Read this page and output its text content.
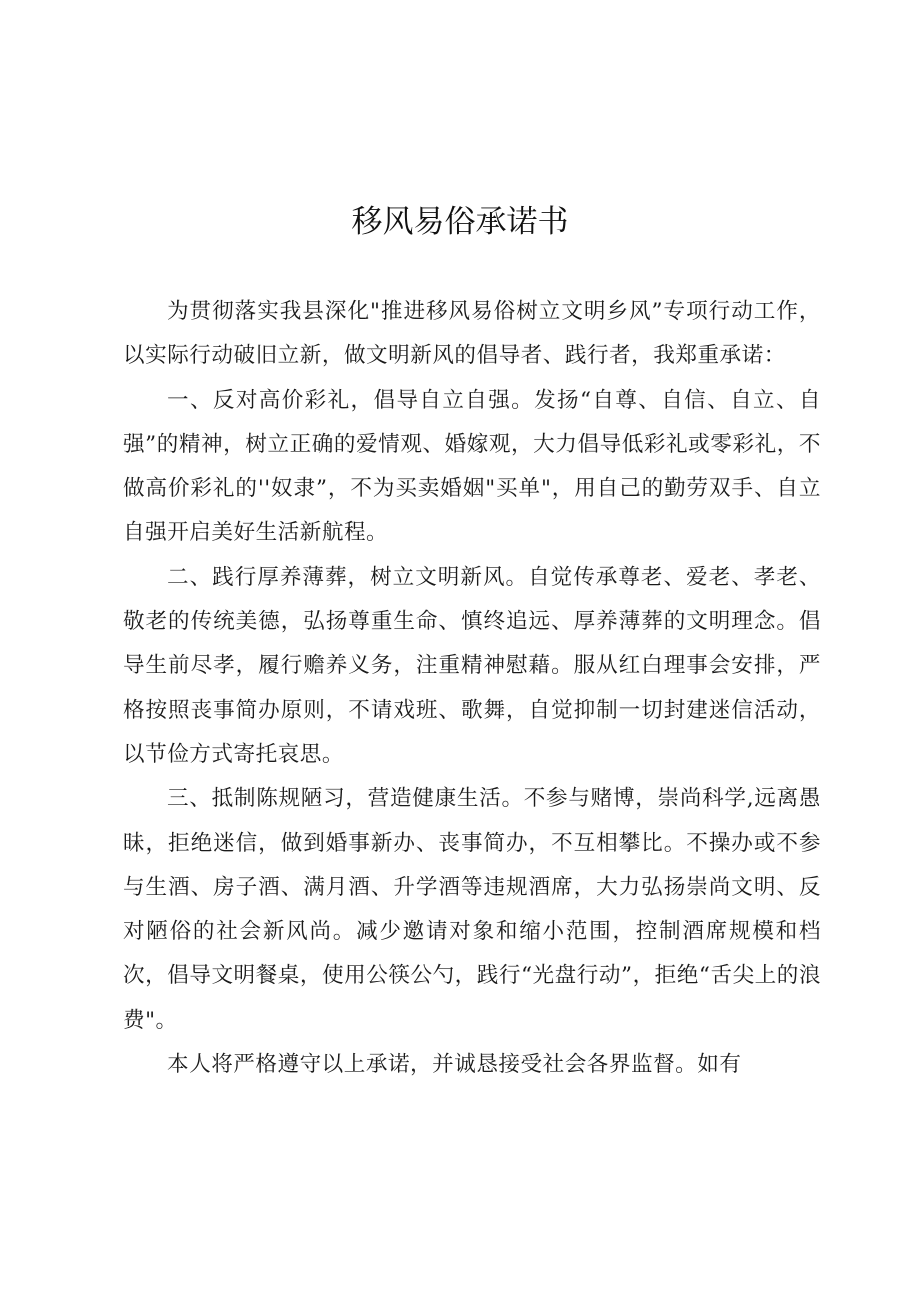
移风易俗承诺书

为贯彻落实我县深化"推进移风易俗树立文明乡风”专项行动工作，以实际行动破旧立新，做文明新风的倡导者、践行者，我郑重承诺：

一、反对高价彩礼，倡导自立自强。发扬“自尊、自信、自立、自强”的精神，树立正确的爱情观、婚嫁观，大力倡导低彩礼或零彩礼，不做高价彩礼的''奴隶”，不为买卖婚姻"买单"，用自己的勤劳双手、自立自强开启美好生活新航程。

二、践行厚养薄葬，树立文明新风。自觉传承尊老、爱老、孝老、敬老的传统美德，弘扬尊重生命、慎终追远、厚养薄葬的文明理念。倡导生前尽孝，履行赡养义务，注重精神慰藉。服从红白理事会安排，严格按照丧事简办原则，不请戏班、歌舞，自觉抑制一切封建迷信活动，以节俭方式寄托哀思。

三、抵制陈规陋习，营造健康生活。不参与赌博，崇尚科学,远离愚昧，拒绝迷信，做到婚事新办、丧事简办，不互相攀比。不操办或不参与生酒、房子酒、满月酒、升学酒等违规酒席，大力弘扬崇尚文明、反对陋俗的社会新风尚。减少邀请对象和缩小范围，控制酒席规模和档次，倡导文明餐桌，使用公筷公勺，践行“光盘行动”，拒绝“舌尖上的浪费"。

本人将严格遵守以上承诺，并诚恳接受社会各界监督。如有
